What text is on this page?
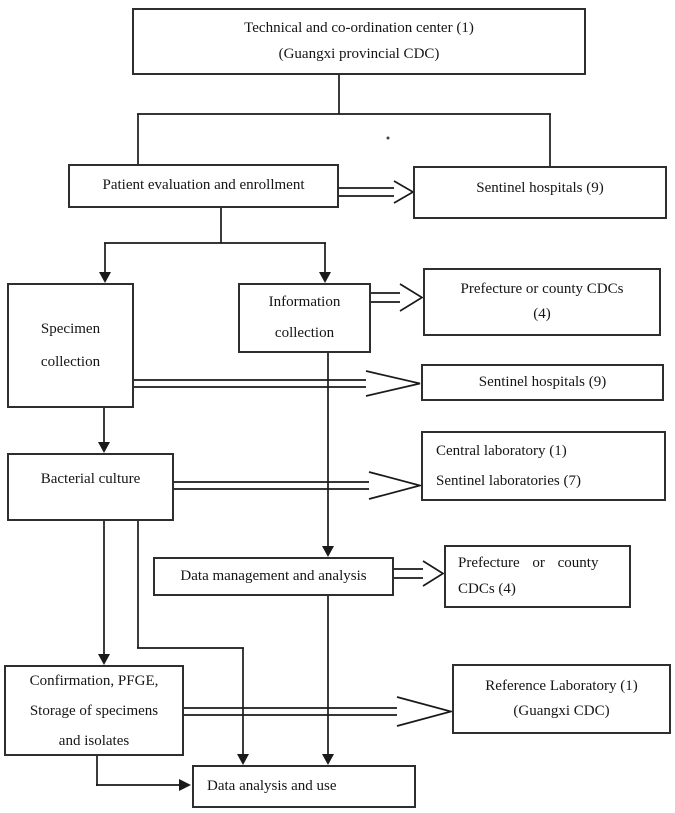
Technical and co-ordination center (1)
(Guangxi provincial CDC)
Patient evaluation and enrollment	Sentinel hospitals (9)
Specimen
collection
Information
collection
Prefecture or county CDCs
(4)
Sentinel hospitals (9)
Bacterial culture
Central laboratory (1)
Sentinel laboratories (7)
Data management and analysis
Prefecture or county
CDCs (4)
Confirmation, PFGE,
Storage of specimens
and isolates
Reference Laboratory (1)
(Guangxi CDC)
Data analysis and use
